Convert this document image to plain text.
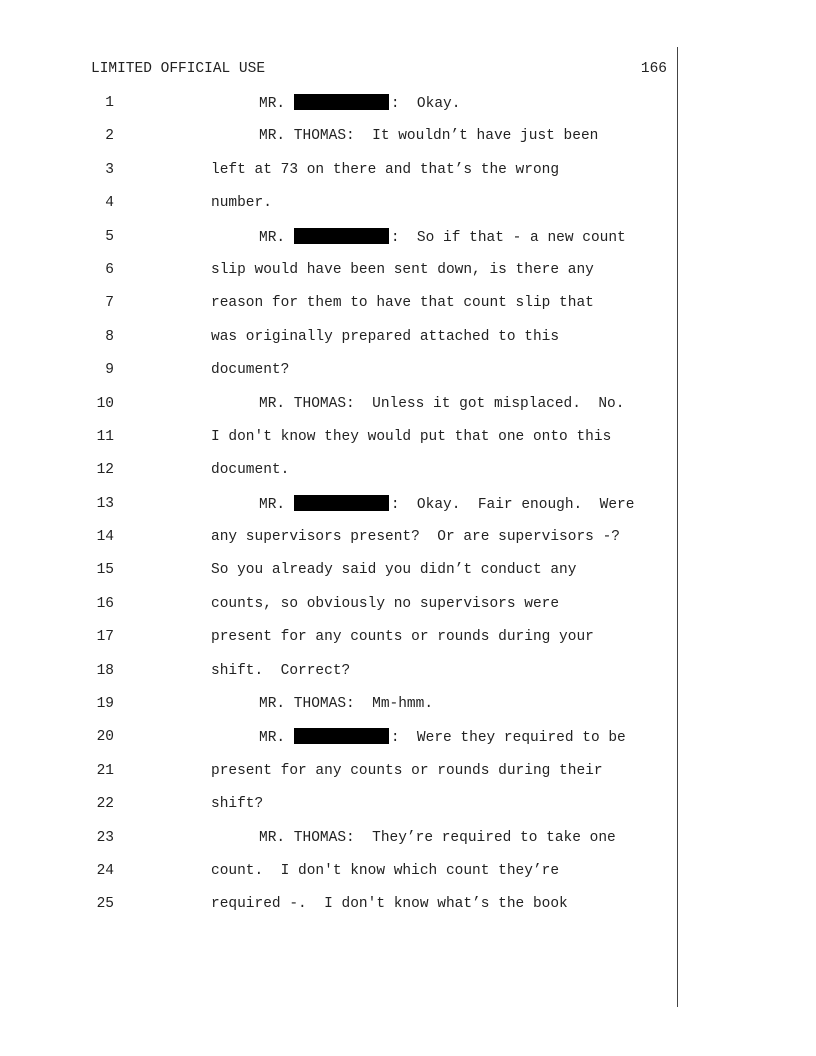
LIMITED OFFICIAL USE	166
1	MR.	:  Okay.
2	MR. THOMAS:  It wouldn’t have just been
3	left at 73 on there and that’s the wrong
4	number.
5	MR.	:  So if that - a new count
6	slip would have been sent down, is there any
7	reason for them to have that count slip that
8	was originally prepared attached to this
9	document?
10	MR. THOMAS:  Unless it got misplaced.  No.
11	I don't know they would put that one onto this
12	document.
13	MR.	:  Okay.  Fair enough.  Were
14	any supervisors present?  Or are supervisors -?
15	So you already said you didn’t conduct any
16	counts, so obviously no supervisors were
17	present for any counts or rounds during your
18	shift.  Correct?
19	MR. THOMAS:  Mm-hmm.
20	MR.	:  Were they required to be
21	present for any counts or rounds during their
22	shift?
23	MR. THOMAS:  They’re required to take one
24	count.  I don't know which count they’re
25	required -.  I don't know what’s the book
